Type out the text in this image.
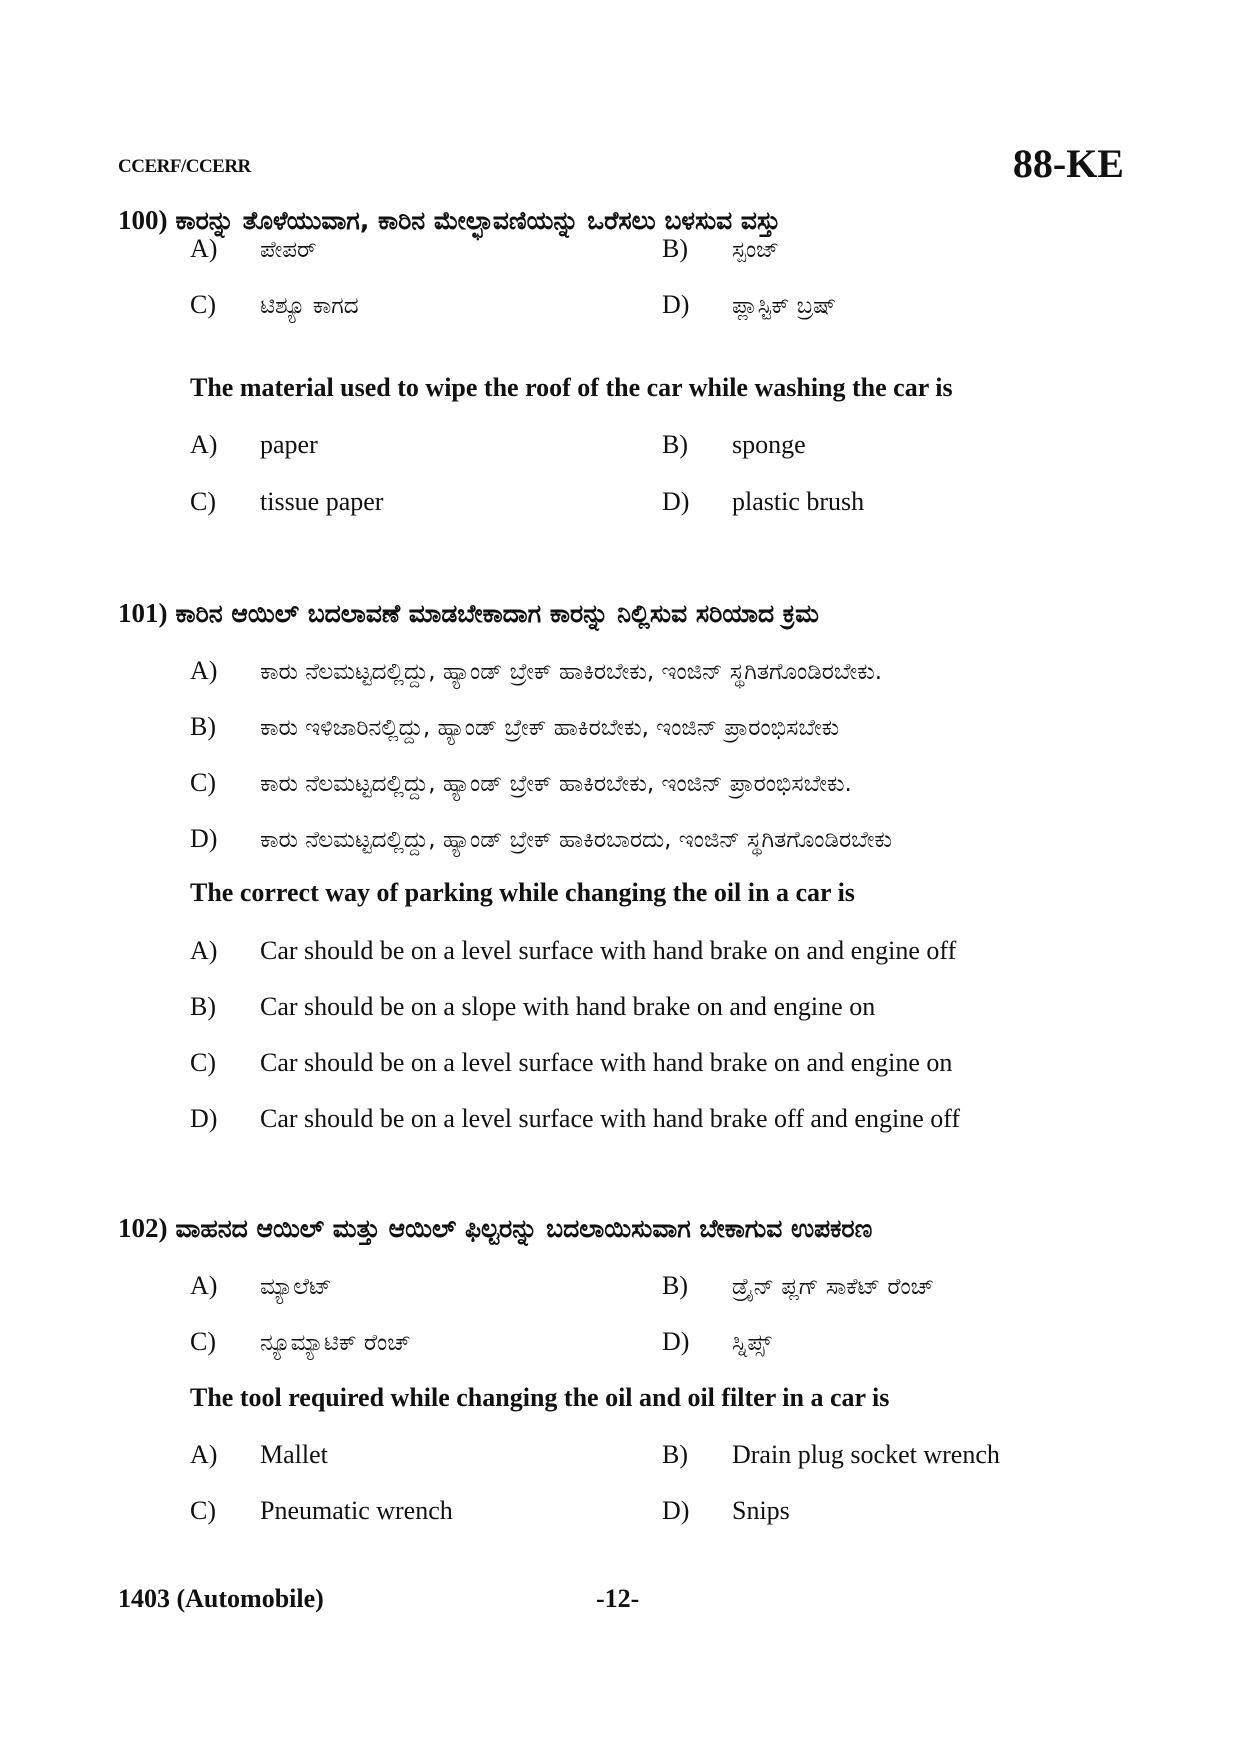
CCERF/CCERR	88-KE
100) ಕಾರನ್ನು ತೊಳೆಯುವಾಗ, ಕಾರಿನ ಮೇಲ್ಛಾವಣಿಯನ್ನು ಒರೆಸಲು ಬಳಸುವ ವಸ್ತು
A) ಪೇಪರ್	B) ಸ್ಪಂಜ್
C) ಟಿಶ್ಯೂ ಕಾಗದ	D) ಪ್ಲಾಸ್ಟಿಕ್ ಬ್ರಷ್
The material used to wipe the roof of the car while washing the car is
A) paper	B) sponge
C) tissue paper	D) plastic brush
101) ಕಾರಿನ ಆಯಿಲ್ ಬದಲಾವಣೆ ಮಾಡಬೇಕಾದಾಗ ಕಾರನ್ನು ನಿಲ್ಲಿಸುವ ಸರಿಯಾದ ಕ್ರಮ
A) ಕಾರು ನೆಲಮಟ್ಟದಲ್ಲಿದ್ದು, ಹ್ಯಾಂಡ್ ಬ್ರೇಕ್ ಹಾಕಿರಬೇಕು, ಇಂಜಿನ್ ಸ್ಥಗಿತಗೊಂಡಿರಬೇಕು.
B) ಕಾರು ಇಳಿಜಾರಿನಲ್ಲಿದ್ದು, ಹ್ಯಾಂಡ್ ಬ್ರೇಕ್ ಹಾಕಿರಬೇಕು, ಇಂಜಿನ್ ಪ್ರಾರಂಭಿಸಬೇಕು
C) ಕಾರು ನೆಲಮಟ್ಟದಲ್ಲಿದ್ದು, ಹ್ಯಾಂಡ್ ಬ್ರೇಕ್ ಹಾಕಿರಬೇಕು, ಇಂಜಿನ್ ಪ್ರಾರಂಭಿಸಬೇಕು.
D) ಕಾರು ನೆಲಮಟ್ಟದಲ್ಲಿದ್ದು, ಹ್ಯಾಂಡ್ ಬ್ರೇಕ್ ಹಾಕಿರಬಾರದು, ಇಂಜಿನ್ ಸ್ಥಗಿತಗೊಂಡಿರಬೇಕು
The correct way of parking while changing the oil in a car is
A) Car should be on a level surface with hand brake on and engine off
B) Car should be on a slope with hand brake on and engine on
C) Car should be on a level surface with hand brake on and engine on
D) Car should be on a level surface with hand brake off and engine off
102) ವಾಹನದ ಆಯಿಲ್ ಮತ್ತು ಆಯಿಲ್ ಫಿಲ್ಟರನ್ನು ಬದಲಾಯಿಸುವಾಗ ಬೇಕಾಗುವ ಉಪಕರಣ
A) ಮ್ಯಾಲೆಟ್	B) ಡ್ರೈನ್ ಪ್ಲಗ್ ಸಾಕೆಟ್ ರೆಂಚ್
C) ನ್ಯೂಮ್ಯಾಟಿಕ್ ರೆಂಚ್	D) ಸ್ನಿಪ್ಸ್
The tool required while changing the oil and oil filter in a car is
A) Mallet	B) Drain plug socket wrench
C) Pneumatic wrench	D) Snips
1403 (Automobile)	-12-
